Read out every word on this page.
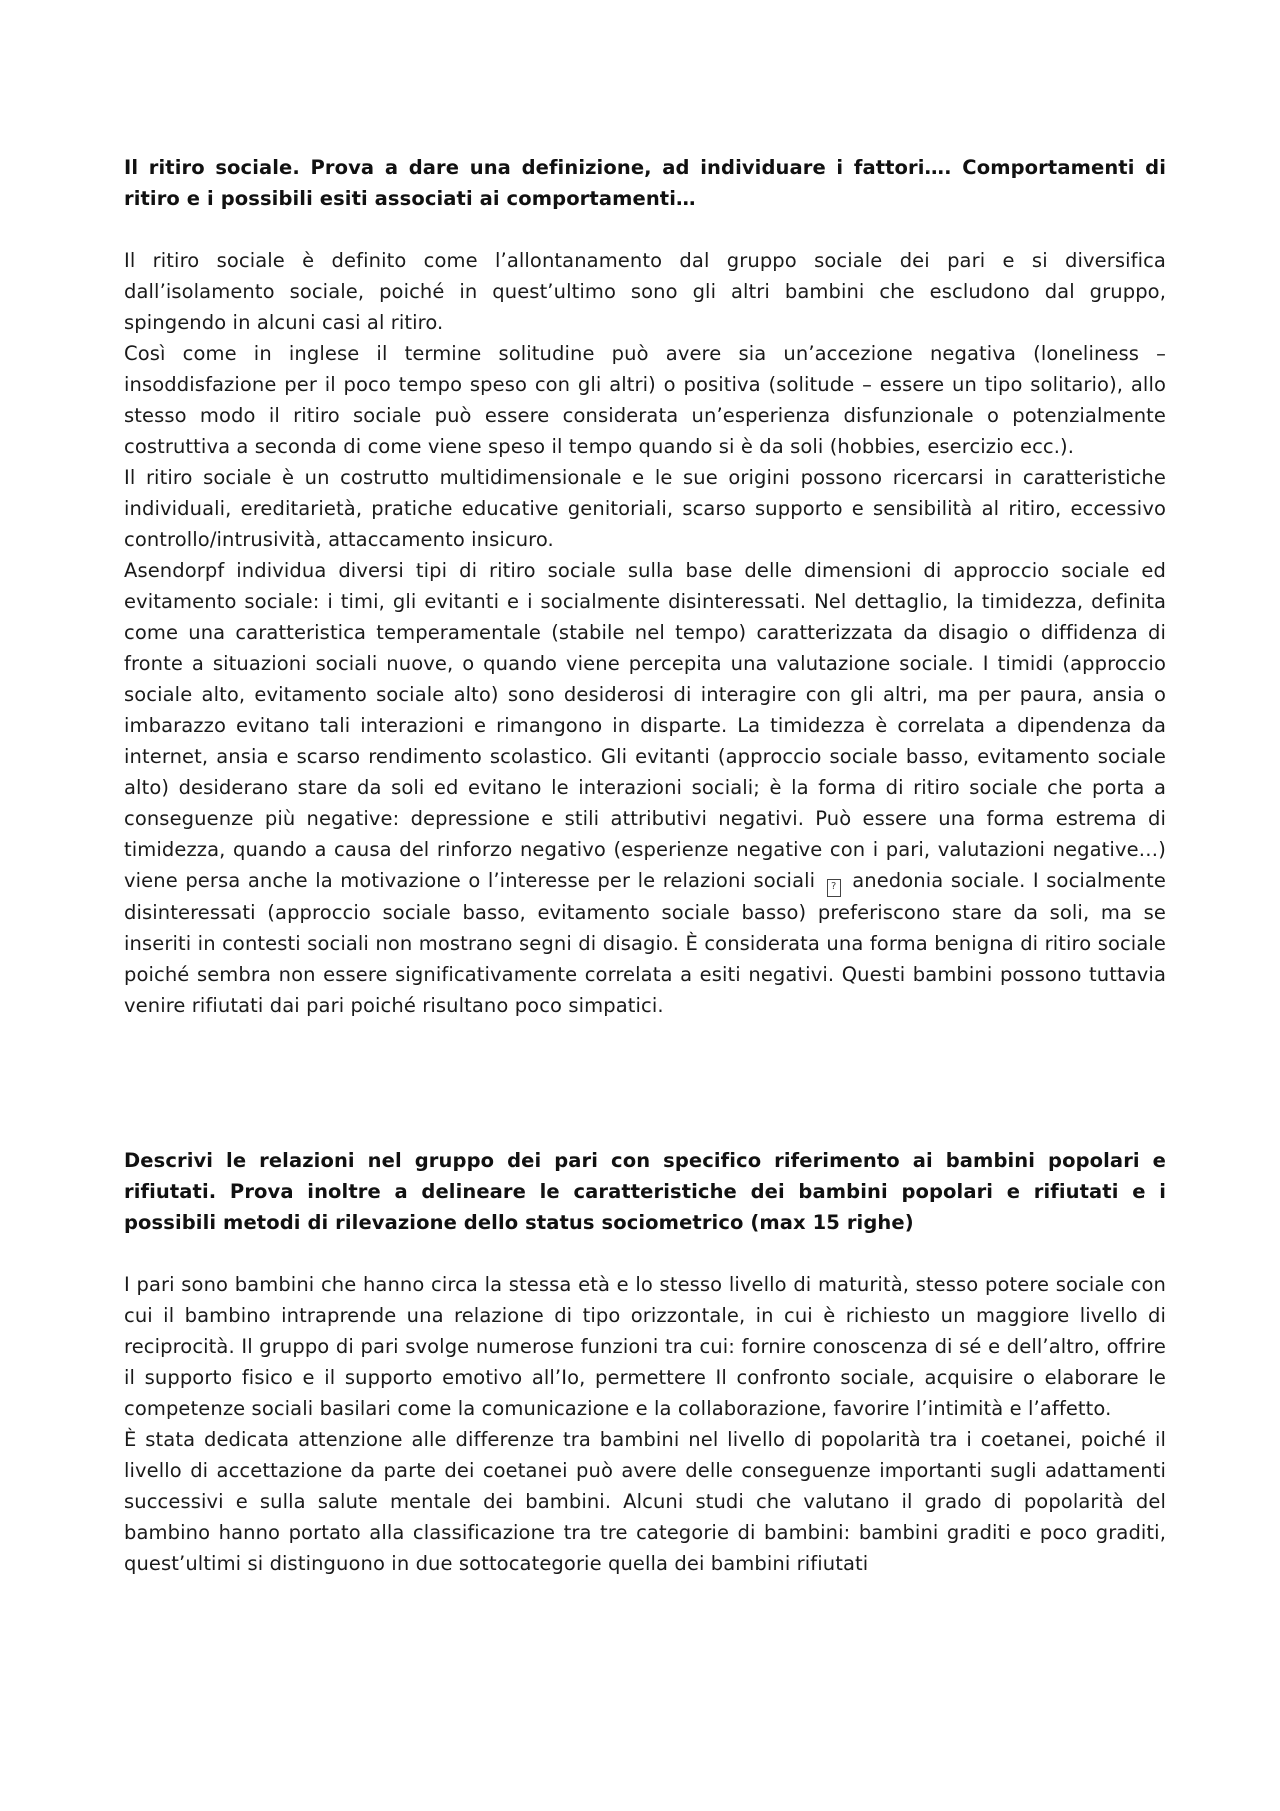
Il ritiro sociale. Prova a dare una definizione, ad individuare i fattori…. Comportamenti di ritiro e i possibili esiti associati ai comportamenti…

Il ritiro sociale è definito come l’allontanamento dal gruppo sociale dei pari e si diversifica dall’isolamento sociale, poiché in quest’ultimo sono gli altri bambini che escludono dal gruppo, spingendo in alcuni casi al ritiro.

Così come in inglese il termine solitudine può avere sia un’accezione negativa (loneliness – insoddisfazione per il poco tempo speso con gli altri) o positiva (solitude – essere un tipo solitario), allo stesso modo il ritiro sociale può essere considerata un’esperienza disfunzionale o potenzialmente costruttiva a seconda di come viene speso il tempo quando si è da soli (hobbies, esercizio ecc.).

Il ritiro sociale è un costrutto multidimensionale e le sue origini possono ricercarsi in caratteristiche individuali, ereditarietà, pratiche educative genitoriali, scarso supporto e sensibilità al ritiro, eccessivo controllo/intrusività, attaccamento insicuro.

Asendorpf individua diversi tipi di ritiro sociale sulla base delle dimensioni di approccio sociale ed evitamento sociale: i timi, gli evitanti e i socialmente disinteressati. Nel dettaglio, la timidezza, definita come una caratteristica temperamentale (stabile nel tempo) caratterizzata da disagio o diffidenza di fronte a situazioni sociali nuove, o quando viene percepita una valutazione sociale. I timidi (approccio sociale alto, evitamento sociale alto) sono desiderosi di interagire con gli altri, ma per paura, ansia o imbarazzo evitano tali interazioni e rimangono in disparte. La timidezza è correlata a dipendenza da internet, ansia e scarso rendimento scolastico. Gli evitanti (approccio sociale basso, evitamento sociale alto) desiderano stare da soli ed evitano le interazioni sociali; è la forma di ritiro sociale che porta a conseguenze più negative: depressione e stili attributivi negativi. Può essere una forma estrema di timidezza, quando a causa del rinforzo negativo (esperienze negative con i pari, valutazioni negative…) viene persa anche la motivazione o l’interesse per le relazioni sociali ? anedonia sociale. I socialmente disinteressati (approccio sociale basso, evitamento sociale basso) preferiscono stare da soli, ma se inseriti in contesti sociali non mostrano segni di disagio. È considerata una forma benigna di ritiro sociale poiché sembra non essere significativamente correlata a esiti negativi. Questi bambini possono tuttavia venire rifiutati dai pari poiché risultano poco simpatici.

Descrivi le relazioni nel gruppo dei pari con specifico riferimento ai bambini popolari e rifiutati. Prova inoltre a delineare le caratteristiche dei bambini popolari e rifiutati e i possibili metodi di rilevazione dello status sociometrico (max 15 righe)

I pari sono bambini che hanno circa la stessa età e lo stesso livello di maturità, stesso potere sociale con cui il bambino intraprende una relazione di tipo orizzontale, in cui è richiesto un maggiore livello di reciprocità. Il gruppo di pari svolge numerose funzioni tra cui: fornire conoscenza di sé e dell’altro, offrire il supporto fisico e il supporto emotivo all’Io, permettere Il confronto sociale, acquisire o elaborare le competenze sociali basilari come la comunicazione e la collaborazione, favorire l’intimità e l’affetto.

È stata dedicata attenzione alle differenze tra bambini nel livello di popolarità tra i coetanei, poiché il livello di accettazione da parte dei coetanei può avere delle conseguenze importanti sugli adattamenti successivi e sulla salute mentale dei bambini. Alcuni studi che valutano il grado di popolarità del bambino hanno portato alla classificazione tra tre categorie di bambini: bambini graditi e poco graditi, quest’ultimi si distinguono in due sottocategorie quella dei bambini rifiutati
